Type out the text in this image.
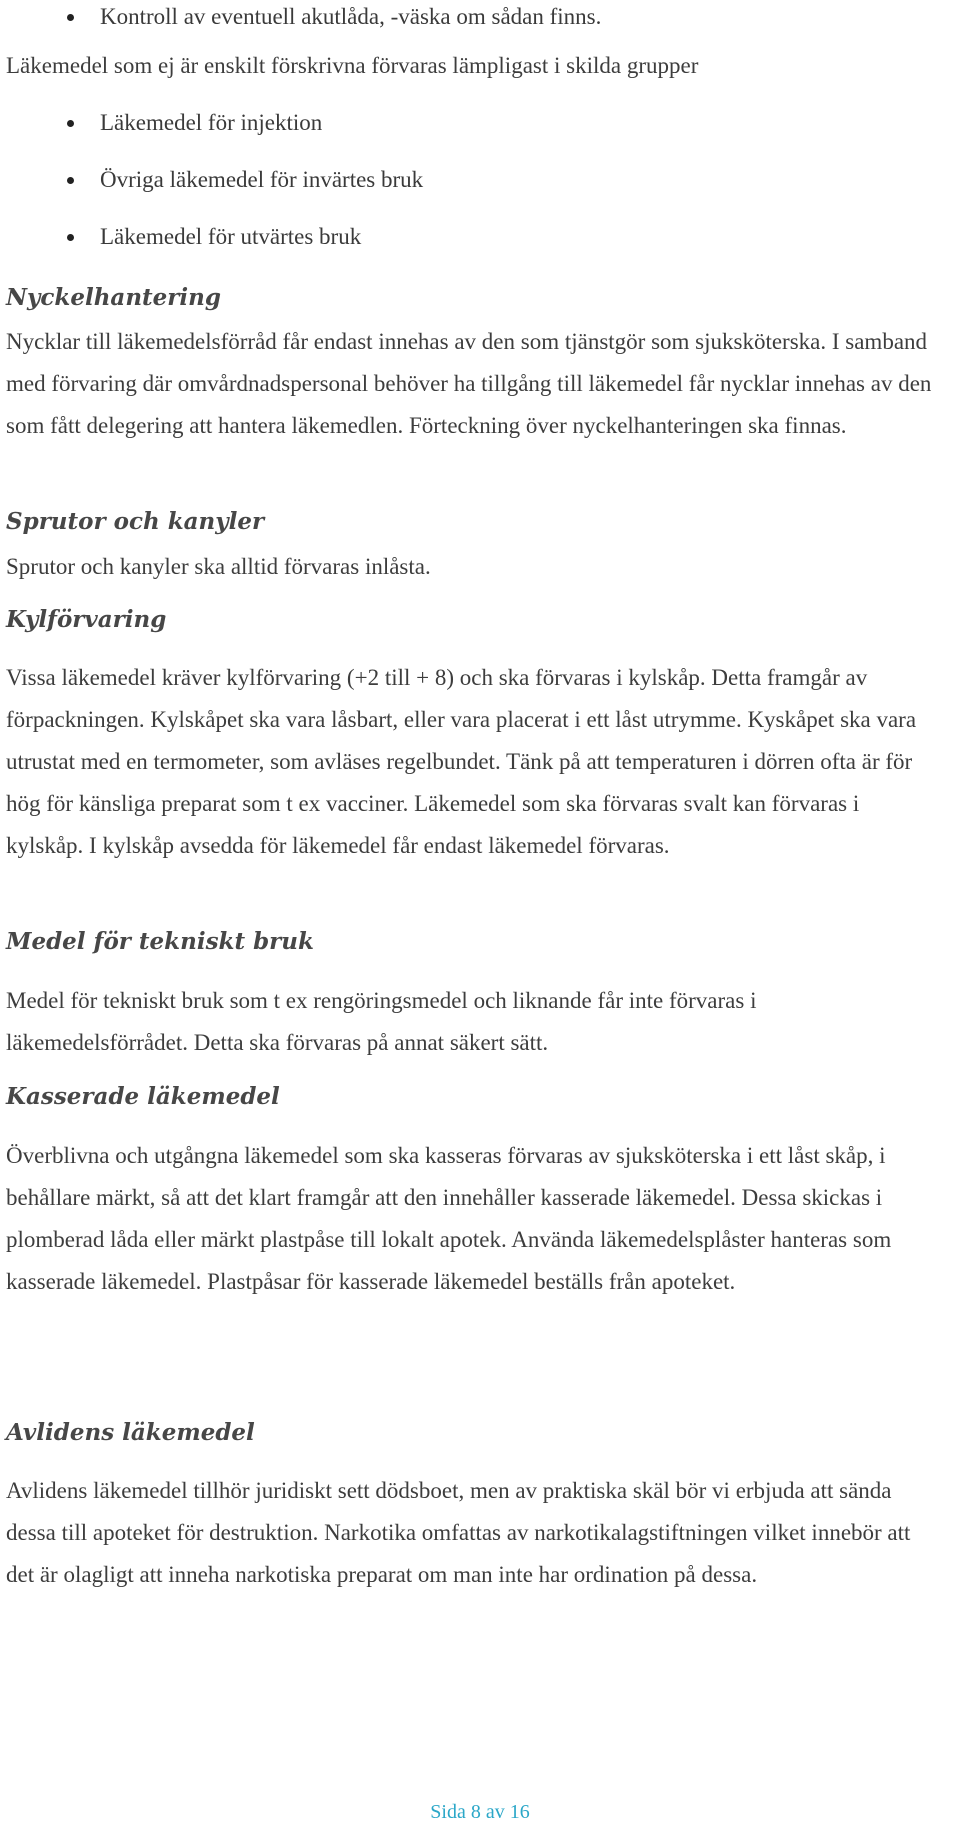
Kontroll av eventuell akutlåda, -väska om sådan finns.

Läkemedel som ej är enskilt förskrivna förvaras lämpligast i skilda grupper

Läkemedel för injektion
Övriga läkemedel för invärtes bruk
Läkemedel för utvärtes bruk
Nyckelhantering

Nycklar till läkemedelsförråd får endast innehas av den som tjänstgör som sjuksköterska. I samband med förvaring där omvårdnadspersonal behöver ha tillgång till läkemedel får nycklar innehas av den som fått delegering att hantera läkemedlen. Förteckning över nyckelhanteringen ska finnas.

Sprutor och kanyler

Sprutor och kanyler ska alltid förvaras inlåsta.

Kylförvaring

Vissa läkemedel kräver kylförvaring (+2 till + 8) och ska förvaras i kylskåp. Detta framgår av förpackningen. Kylskåpet ska vara låsbart, eller vara placerat i ett låst utrymme. Kyskåpet ska vara utrustat med en termometer, som avläses regelbundet. Tänk på att temperaturen i dörren ofta är för hög för känsliga preparat som t ex vacciner. Läkemedel som ska förvaras svalt kan förvaras i kylskåp. I kylskåp avsedda för läkemedel får endast läkemedel förvaras.

Medel för tekniskt bruk

Medel för tekniskt bruk som t ex rengöringsmedel och liknande får inte förvaras i läkemedelsförrådet. Detta ska förvaras på annat säkert sätt.

Kasserade läkemedel

Överblivna och utgångna läkemedel som ska kasseras förvaras av sjuksköterska i ett låst skåp, i behållare märkt, så att det klart framgår att den innehåller kasserade läkemedel. Dessa skickas i plomberad låda eller märkt plastpåse till lokalt apotek. Använda läkemedelsplåster hanteras som kasserade läkemedel. Plastpåsar för kasserade läkemedel beställs från apoteket.

Avlidens läkemedel

Avlidens läkemedel tillhör juridiskt sett dödsboet, men av praktiska skäl bör vi erbjuda att sända dessa till apoteket för destruktion. Narkotika omfattas av narkotikalagstiftningen vilket innebör att det är olagligt att inneha narkotiska preparat om man inte har ordination på dessa.

Sida 8 av 16
